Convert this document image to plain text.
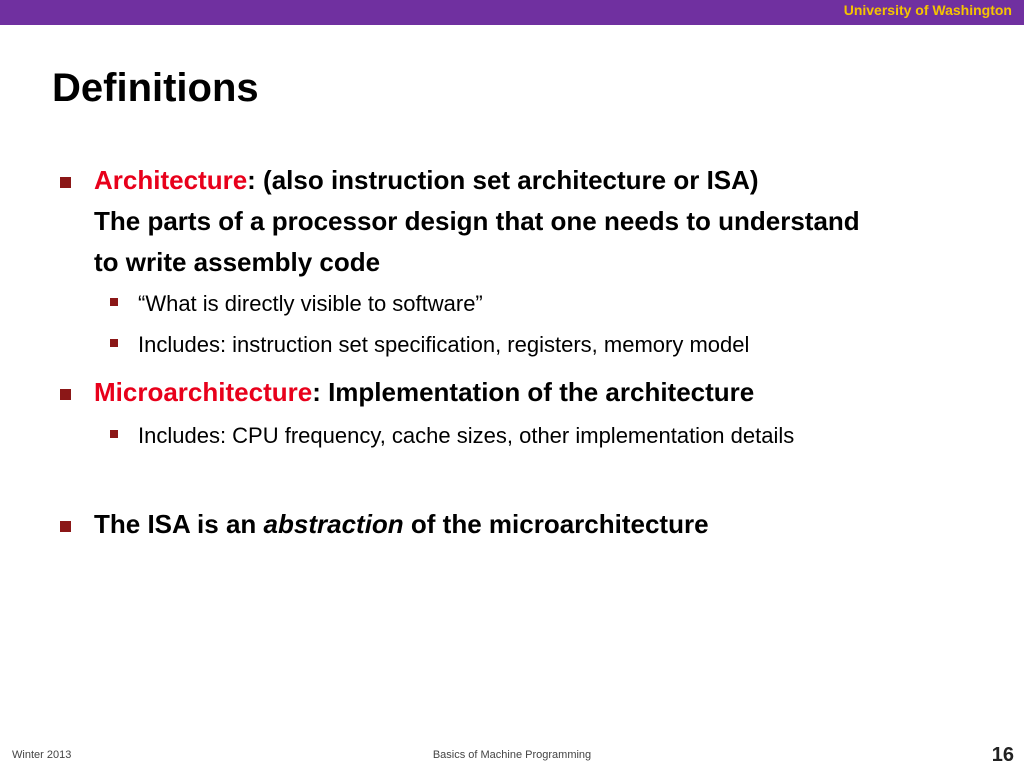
University of Washington
Definitions

Architecture: (also instruction set architecture or ISA)

The parts of a processor design that one needs to understand

to write assembly code

“What is directly visible to software”

Includes: instruction set specification, registers, memory model

Microarchitecture: Implementation of the architecture

Includes: CPU frequency, cache sizes, other implementation details

The ISA is an abstraction of the microarchitecture

Winter 2013	Basics of Machine Programming	16
